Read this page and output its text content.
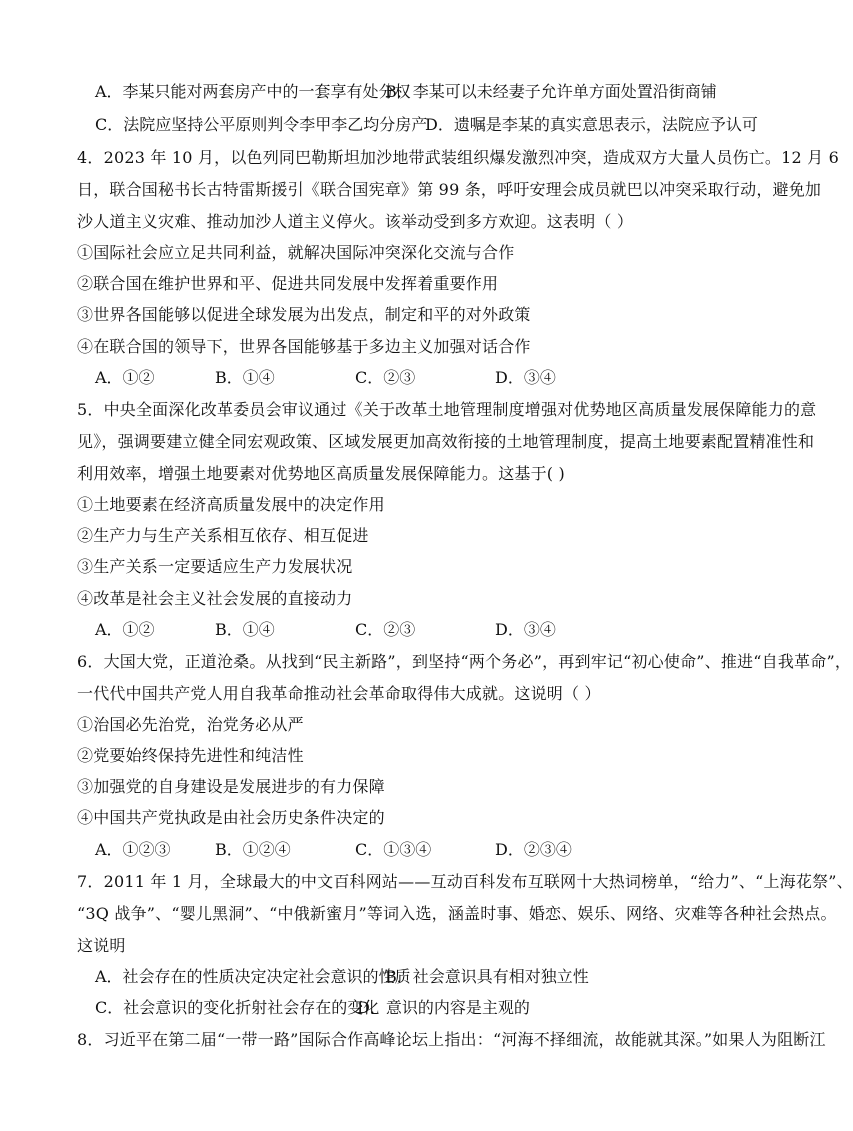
A．李某只能对两套房产中的一套享有处分权
B．李某可以未经妻子允许单方面处置沿街商铺
C．法院应坚持公平原则判令李甲李乙均分房产
D．遗嘱是李某的真实意思表示，法院应予认可
4．2023 年 10 月，以色列同巴勒斯坦加沙地带武装组织爆发激烈冲突，造成双方大量人员伤亡。12 月 6
日，联合国秘书长古特雷斯援引《联合国宪章》第 99 条，呼吁安理会成员就巴以冲突采取行动，避免加
沙人道主义灾难、推动加沙人道主义停火。该举动受到多方欢迎。这表明（ ）
①国际社会应立足共同利益，就解决国际冲突深化交流与合作
②联合国在维护世界和平、促进共同发展中发挥着重要作用
③世界各国能够以促进全球发展为出发点，制定和平的对外政策
④在联合国的领导下，世界各国能够基于多边主义加强对话合作
A．①②	B．①④	C．②③	D．③④
5．中央全面深化改革委员会审议通过《关于改革土地管理制度增强对优势地区高质量发展保障能力的意
见》，强调要建立健全同宏观政策、区域发展更加高效衔接的土地管理制度，提高土地要素配置精准性和
利用效率，增强土地要素对优势地区高质量发展保障能力。这基于( )
①土地要素在经济高质量发展中的决定作用
②生产力与生产关系相互依存、相互促进
③生产关系一定要适应生产力发展状况
④改革是社会主义社会发展的直接动力
A．①②	B．①④	C．②③	D．③④
6．大国大党，正道沧桑。从找到“民主新路”，到坚持“两个务必”，再到牢记“初心使命”、推进“自我革命”，
一代代中国共产党人用自我革命推动社会革命取得伟大成就。这说明（ ）
①治国必先治党，治党务必从严
②党要始终保持先进性和纯洁性
③加强党的自身建设是发展进步的有力保障
④中国共产党执政是由社会历史条件决定的
A．①②③	B．①②④	C．①③④	D．②③④
7．2011 年 1 月，全球最大的中文百科网站——互动百科发布互联网十大热词榜单，“给力”、“上海花祭”、
“3Q 战争”、“婴儿黑洞”、“中俄新蜜月”等词入选，涵盖时事、婚恋、娱乐、网络、灾难等各种社会热点。
这说明
A．社会存在的性质决定决定社会意识的性质
B．社会意识具有相对独立性
C．社会意识的变化折射社会存在的变化
D．意识的内容是主观的
8．习近平在第二届“一带一路”国际合作高峰论坛上指出：“河海不择细流，故能就其深。”如果人为阻断江
